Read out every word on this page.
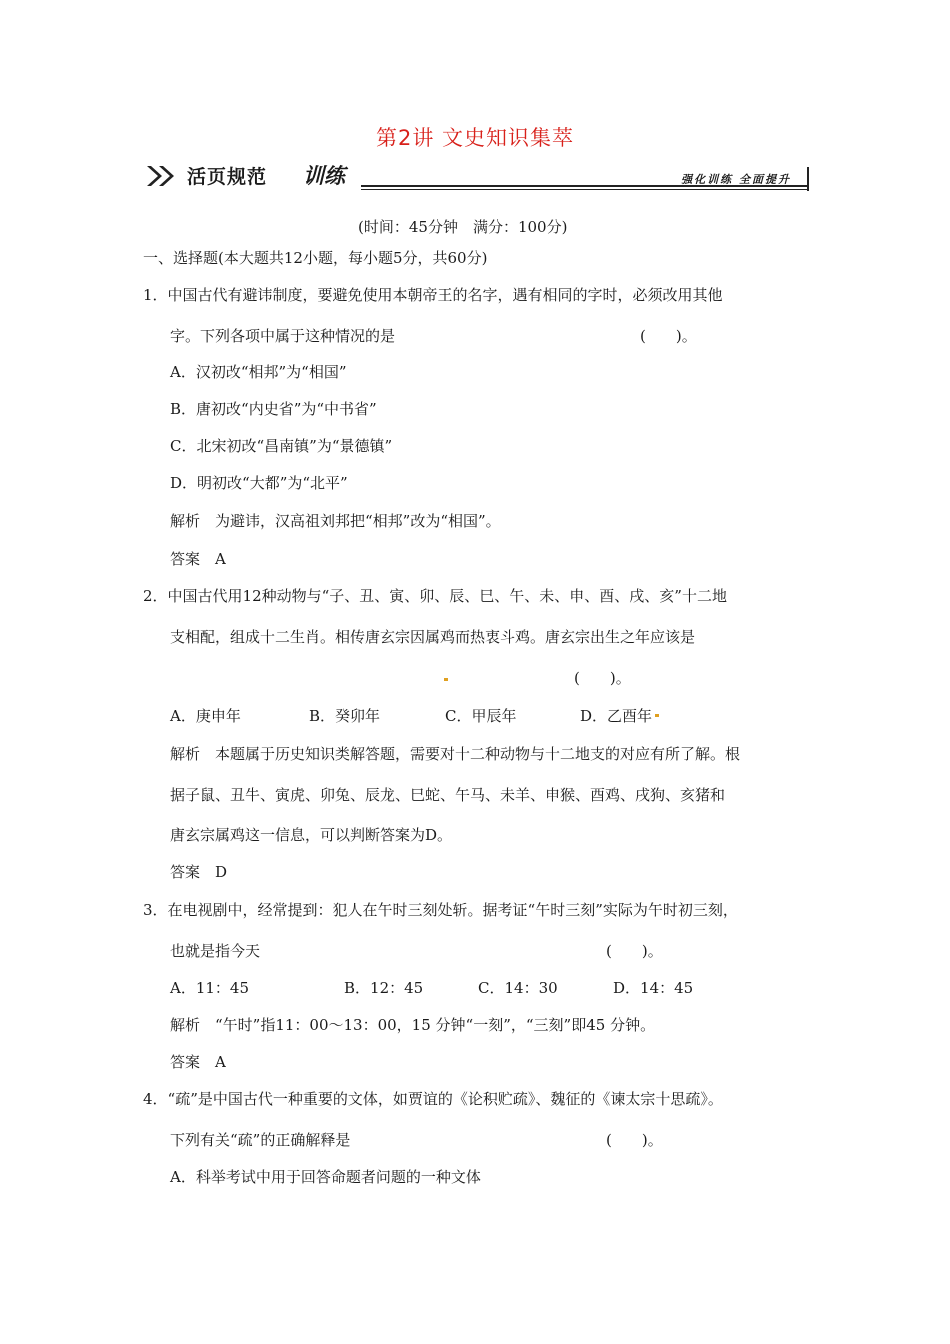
第2讲 文史知识集萃
活页规范 训练	强化训练 全面提升
(时间：45分钟　满分：100分)
一、选择题(本大题共12小题，每小题5分，共60分)
1．中国古代有避讳制度，要避免使用本朝帝王的名字，遇有相同的字时，必须改用其他
字。下列各项中属于这种情况的是	(　　)。
A．汉初改“相邦”为“相国”
B．唐初改“内史省”为“中书省”
C．北宋初改“昌南镇”为“景德镇”
D．明初改“大都”为“北平”
解析　为避讳，汉高祖刘邦把“相邦”改为“相国”。
答案　A
2．中国古代用12种动物与“子、丑、寅、卯、辰、巳、午、未、申、酉、戌、亥”十二地
支相配，组成十二生肖。相传唐玄宗因属鸡而热衷斗鸡。唐玄宗出生之年应该是
(　　)。
A．庚申年	B．癸卯年	C．甲辰年	D．乙酉年
解析　本题属于历史知识类解答题，需要对十二种动物与十二地支的对应有所了解。根
据子鼠、丑牛、寅虎、卯兔、辰龙、巳蛇、午马、未羊、申猴、酉鸡、戌狗、亥猪和
唐玄宗属鸡这一信息，可以判断答案为D。
答案　D
3．在电视剧中，经常提到：犯人在午时三刻处斩。据考证“午时三刻”实际为午时初三刻，
也就是指今天	(　　)。
A．11：45	B．12：45	C．14：30	D．14：45
解析　“午时”指11：00～13：00，15 分钟“一刻”，“三刻”即45 分钟。
答案　A
4．“疏”是中国古代一种重要的文体，如贾谊的《论积贮疏》、魏征的《谏太宗十思疏》。
下列有关“疏”的正确解释是	(　　)。
A．科举考试中用于回答命题者问题的一种文体
